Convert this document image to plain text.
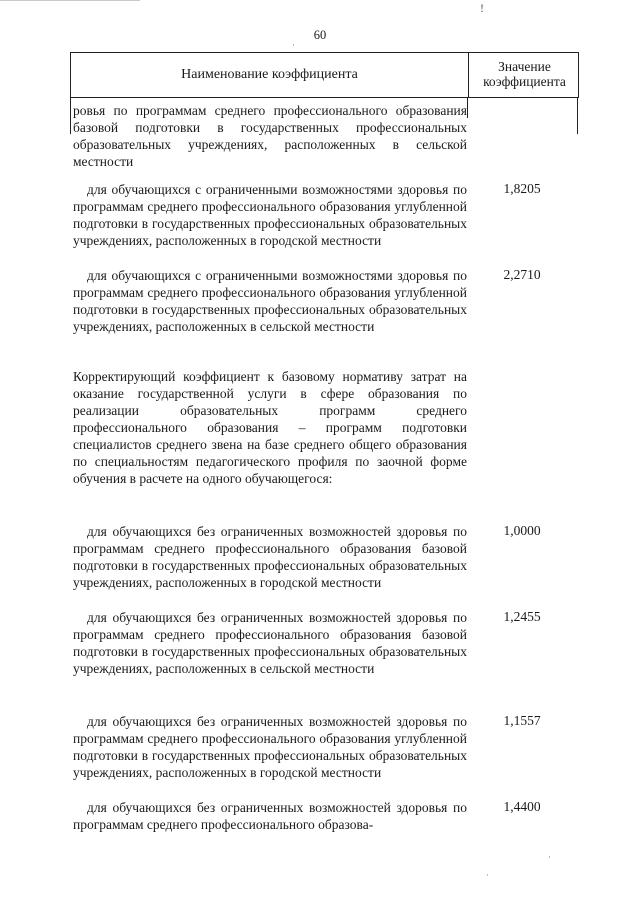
!
60
Наименование коэффициента
Значение
коэффициента

ровья по программам среднего профессионального образования базовой подготовки в государственных профессиональных образовательных учреждениях, расположенных в сельской местности

для обучающихся с ограниченными возможностями здоровья по программам среднего профессионального образования углубленной подготовки в государственных профессиональных образовательных учреждениях, расположенных в городской местности

1,8205

для обучающихся с ограниченными возможностями здоровья по программам среднего профессионального образования углубленной подготовки в государственных профессиональных образовательных учреждениях, расположенных в сельской местности

2,2710

Корректирующий коэффициент к базовому нормативу затрат на оказание государственной услуги в сфере образования по реализации образовательных программ среднего профессионального образования – программ подготовки специалистов среднего звена на базе среднего общего образования по специальностям педагогического профиля по заочной форме обучения в расчете на одного обучающегося:

для обучающихся без ограниченных возможностей здоровья по программам среднего профессионального образования базовой подготовки в государственных профессиональных образовательных учреждениях, расположенных в городской местности

1,0000

для обучающихся без ограниченных возможностей здоровья по программам среднего профессионального образования базовой подготовки в государственных профессиональных образовательных учреждениях, расположенных в сельской местности

1,2455

для обучающихся без ограниченных возможностей здоровья по программам среднего профессионального образования углубленной подготовки в государственных профессиональных образовательных учреждениях, расположенных в городской местности

1,1557

для обучающихся без ограниченных возможностей здоровья по программам среднего профессионального образова-

1,4400
·
·
·
